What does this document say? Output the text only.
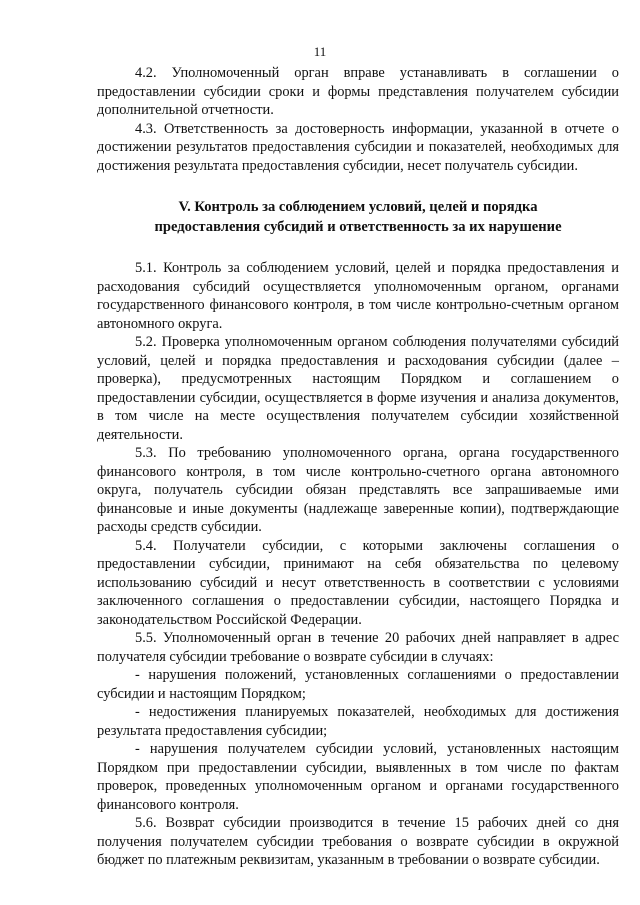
11

4.2. Уполномоченный орган вправе устанавливать в соглашении о предоставлении субсидии сроки и формы представления получателем субсидии дополнительной отчетности.

4.3. Ответственность за достоверность информации, указанной в отчете о достижении результатов предоставления субсидии и показателей, необходимых для достижения результата предоставления субсидии, несет получатель субсидии.

V. Контроль за соблюдением условий, целей и порядка
предоставления субсидий и ответственность за их нарушение

5.1. Контроль за соблюдением условий, целей и порядка предоставления и расходования субсидий осуществляется уполномоченным органом, органами государственного финансового контроля, в том числе контрольно-счетным органом автономного округа.

5.2. Проверка уполномоченным органом соблюдения получателями субсидий условий, целей и порядка предоставления и расходования субсидии (далее – проверка), предусмотренных настоящим Порядком и соглашением о предоставлении субсидии, осуществляется в форме изучения и анализа документов, в том числе на месте осуществления получателем субсидии хозяйственной деятельности.

5.3. По требованию уполномоченного органа, органа государственного финансового контроля, в том числе контрольно-счетного органа автономного округа, получатель субсидии обязан представлять все запрашиваемые ими финансовые и иные документы (надлежаще заверенные копии), подтверждающие расходы средств субсидии.

5.4. Получатели субсидии, с которыми заключены соглашения о предоставлении субсидии, принимают на себя обязательства по целевому использованию субсидий и несут ответственность в соответствии с условиями заключенного соглашения о предоставлении субсидии, настоящего Порядка и законодательством Российской Федерации.

5.5. Уполномоченный орган в течение 20 рабочих дней направляет в адрес получателя субсидии требование о возврате субсидии в случаях:

- нарушения положений, установленных соглашениями о предоставлении субсидии и настоящим Порядком;

- недостижения планируемых показателей, необходимых для достижения результата предоставления субсидии;

- нарушения получателем субсидии условий, установленных настоящим Порядком при предоставлении субсидии, выявленных в том числе по фактам проверок, проведенных уполномоченным органом и органами государственного финансового контроля.

5.6. Возврат субсидии производится в течение 15 рабочих дней со дня получения получателем субсидии требования о возврате субсидии в окружной бюджет по платежным реквизитам, указанным в требовании о возврате субсидии.
